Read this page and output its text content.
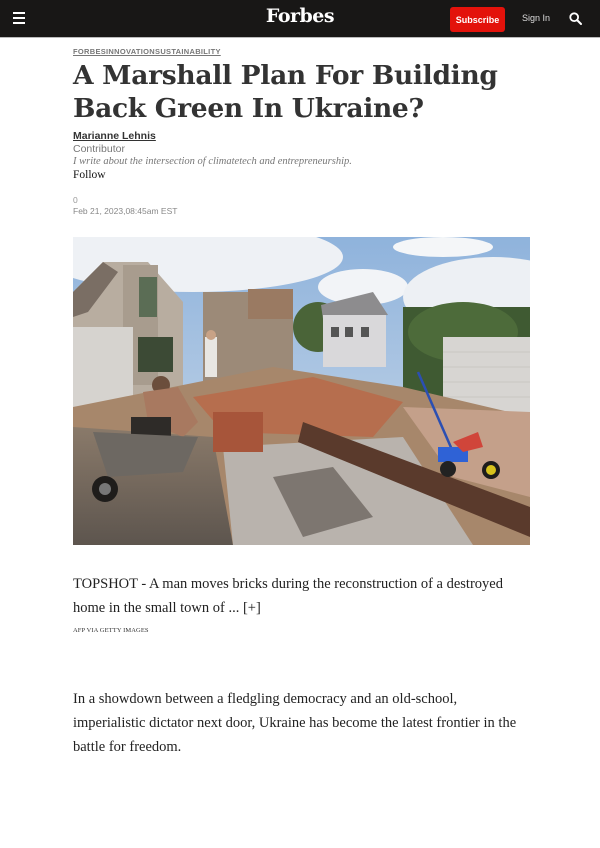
Forbes	Subscribe	Sign In
FORBESINNOVATIONSUSTAINABILITY
A Marshall Plan For Building Back Green In Ukraine?
Marianne Lehnis
Contributor
I write about the intersection of climatetech and entrepreneurship.
Follow
0
Feb 21, 2023,08:45am EST
TOPSHOT - A man moves bricks during the reconstruction of a destroyed home in the small town of ... [+]
AFP VIA GETTY IMAGES

In a showdown between a fledgling democracy and an old-school, imperialistic dictator next door, Ukraine has become the latest frontier in the battle for freedom.
